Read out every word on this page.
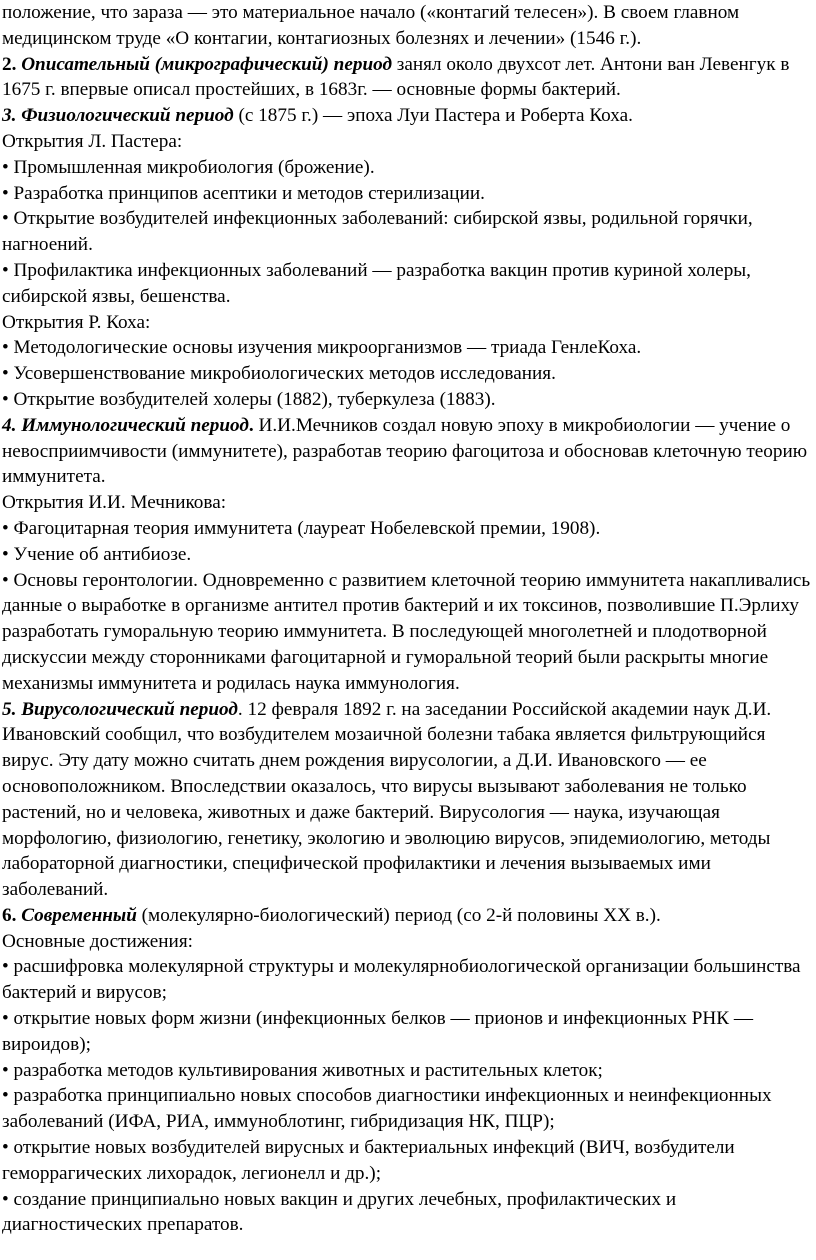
положение, что зараза — это материальное начало («контагий телесен»). В своем главном медицинском труде «О контагии, контагиозных болезнях и лечении» (1546 г.).

2. Описательный (микрографический) период занял около двухсот лет. Антони ван Левенгук в 1675 г. впервые описал простейших, в 1683г. — основные формы бактерий.

3. Физиологический период (с 1875 г.) — эпоха Луи Пастера и Роберта Коха.

Открытия Л. Пастера:

• Промышленная микробиология (брожение).

• Разработка принципов асептики и методов стерилизации.

• Открытие возбудителей инфекционных заболеваний: сибирской язвы, родильной горячки, нагноений.

• Профилактика инфекционных заболеваний — разработка вакцин против куриной холеры, сибирской язвы, бешенства.

Открытия Р. Коха:

• Методологические основы изучения микроорганизмов — триада ГенлеКоха.

• Усовершенствование микробиологических методов исследования.

• Открытие возбудителей холеры (1882), туберкулеза (1883).

4. Иммунологический период. И.И.Мечников создал новую эпоху в микробиологии — учение о невосприимчивости (иммунитете), разработав теорию фагоцитоза и обосновав клеточную теорию иммунитета.

Открытия И.И. Мечникова:

• Фагоцитарная теория иммунитета (лауреат Нобелевской премии, 1908).

• Учение об антибиозе.

• Основы геронтологии. Одновременно с развитием клеточной теорию иммунитета накапливались данные о выработке в организме антител против бактерий и их токсинов, позволившие П.Эрлиху разработать гуморальную теорию иммунитета. В последующей многолетней и плодотворной дискуссии между сторонниками фагоцитарной и гуморальной теорий были раскрыты многие механизмы иммунитета и родилась наука иммунология.

5. Вирусологический период. 12 февраля 1892 г. на заседании Российской академии наук Д.И. Ивановский сообщил, что возбудителем мозаичной болезни табака является фильтрующийся вирус. Эту дату можно считать днем рождения вирусологии, а Д.И. Ивановского — ее основоположником. Впоследствии оказалось, что вирусы вызывают заболевания не только растений, но и человека, животных и даже бактерий. Вирусология — наука, изучающая морфологию, физиологию, генетику, экологию и эволюцию вирусов, эпидемиологию, методы лабораторной диагностики, специфической профилактики и лечения вызываемых ими заболеваний.

6. Современный (молекулярно-биологический) период (со 2-й половины XX в.).

Основные достижения:

• расшифровка молекулярной структуры и молекулярнобиологической организации большинства бактерий и вирусов;

• открытие новых форм жизни (инфекционных белков — прионов и инфекционных РНК — вироидов);

• разработка методов культивирования животных и растительных клеток;

• разработка принципиально новых способов диагностики инфекционных и неинфекционных заболеваний (ИФА, РИА, иммуноблотинг, гибридизация НК, ПЦР);

• открытие новых возбудителей вирусных и бактериальных инфекций (ВИЧ, возбудители геморрагических лихорадок, легионелл и др.);

• создание принципиально новых вакцин и других лечебных, профилактических и диагностических препаратов.
